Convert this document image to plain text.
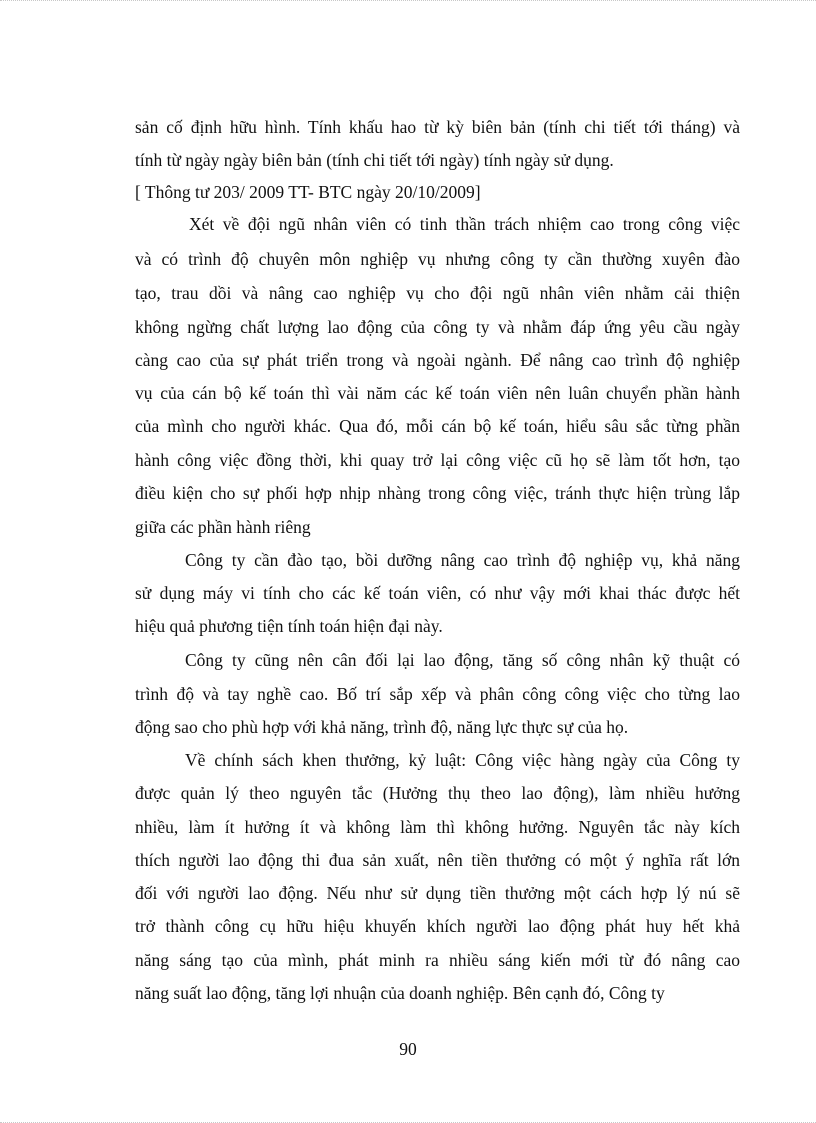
sản cố định hữu hình. Tính khấu hao từ kỳ biên bản (tính chi tiết tới tháng) và
tính từ ngày ngày biên bản (tính chi tiết tới ngày) tính ngày sử dụng.
[ Thông tư 203/ 2009 TT- BTC ngày 20/10/2009]
Xét về đội ngũ nhân viên có tinh thần trách nhiệm cao trong công việc
và có trình độ chuyên môn nghiệp vụ nhưng công ty cần thường xuyên đào
tạo, trau dồi và nâng cao nghiệp vụ cho đội ngũ nhân viên nhằm cải thiện
không ngừng chất lượng lao động của công ty và nhằm đáp ứng yêu cầu ngày
càng cao của sự phát triển trong và ngoài ngành. Để nâng cao trình độ nghiệp
vụ của cán bộ kế toán thì vài năm các kế toán viên nên luân chuyển phần hành
của mình cho người khác. Qua đó, mỗi cán bộ kế toán, hiểu sâu sắc từng phần
hành công việc đồng thời, khi quay trở lại công việc cũ họ sẽ làm tốt hơn, tạo
điều kiện cho sự phối hợp nhịp nhàng trong công việc, tránh thực hiện trùng lắp
giữa các phần hành riêng
Công ty cần đào tạo, bồi dưỡng nâng cao trình độ nghiệp vụ, khả năng
sử dụng máy vi tính cho các kế toán viên, có như vậy mới khai thác được hết
hiệu quả phương tiện tính toán hiện đại này.
Công ty cũng nên cân đối lại lao động, tăng số công nhân kỹ thuật có
trình độ và tay nghề cao. Bố trí sắp xếp và phân công công việc cho từng lao
động sao cho phù hợp với khả năng, trình độ, năng lực thực sự của họ.
Về chính sách khen thưởng, kỷ luật: Công việc hàng ngày của Công ty
được quản lý theo nguyên tắc (Hưởng thụ theo lao động), làm nhiều hưởng
nhiều, làm ít hưởng ít và không làm thì không hưởng. Nguyên tắc này kích
thích người lao động thi đua sản xuất, nên tiền thưởng có một ý nghĩa rất lớn
đối với người lao động. Nếu như sử dụng tiền thưởng một cách hợp lý nú sẽ
trở thành công cụ hữu hiệu khuyến khích người lao động phát huy hết khả
năng sáng tạo của mình, phát minh ra nhiều sáng kiến mới từ đó nâng cao
năng suất lao động, tăng lợi nhuận của doanh nghiệp. Bên cạnh đó, Công ty
90
